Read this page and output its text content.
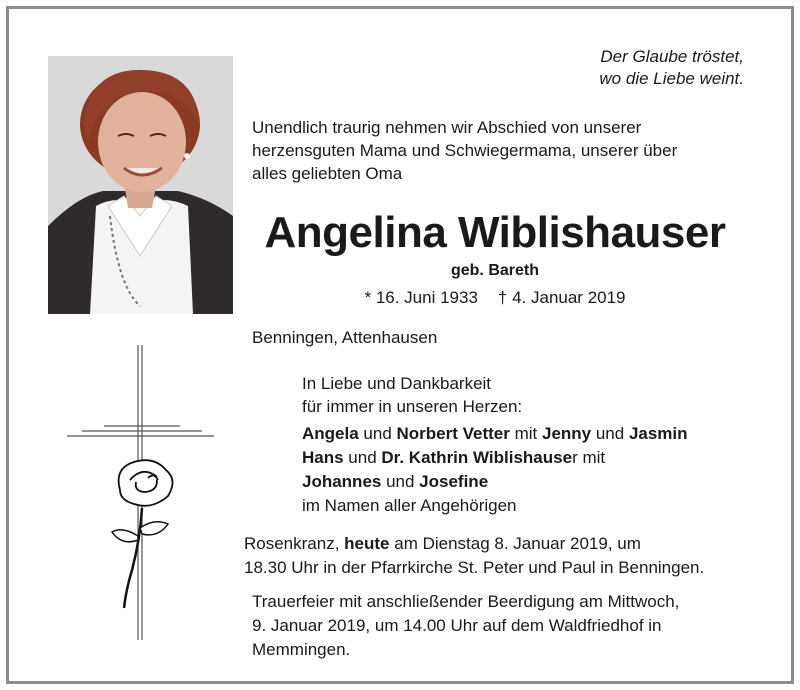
Der Glaube tröstet,
wo die Liebe weint.
Unendlich traurig nehmen wir Abschied von unserer
herzensguten Mama und Schwiegermama, unserer über
alles geliebten Oma
Angelina Wiblishauser
geb. Bareth
* 16. Juni 1933 † 4. Januar 2019
Benningen, Attenhausen
In Liebe und Dankbarkeit
für immer in unseren Herzen:
Angela und Norbert Vetter mit Jenny und Jasmin
Hans und Dr. Kathrin Wiblishauser mit
Johannes und Josefine
im Namen aller Angehörigen
Rosenkranz, heute am Dienstag 8. Januar 2019, um
18.30 Uhr in der Pfarrkirche St. Peter und Paul in Benningen.
Trauerfeier mit anschließender Beerdigung am Mittwoch,
9. Januar 2019, um 14.00 Uhr auf dem Waldfriedhof in
Memmingen.
